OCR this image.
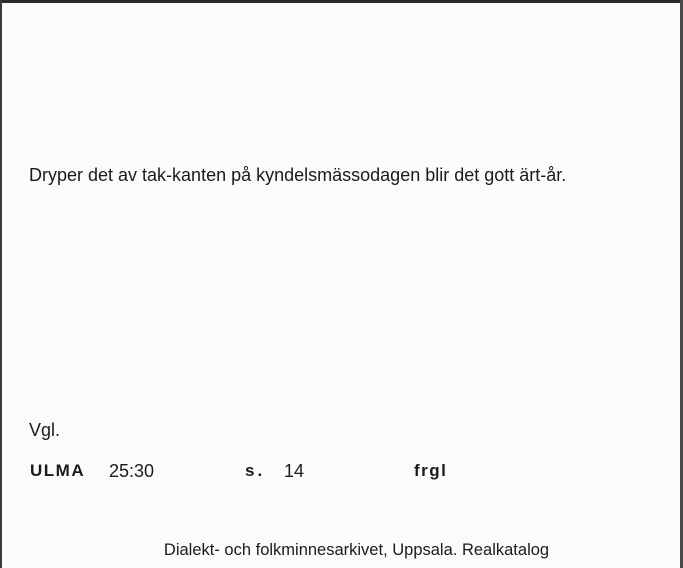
Dryper det av tak-kanten på kyndelsmässodagen blir det gott ärt-år.

Vgl.
ULMA 25:30	s. 14	frgl
Dialekt- och folkminnesarkivet, Uppsala. Realkatalog
